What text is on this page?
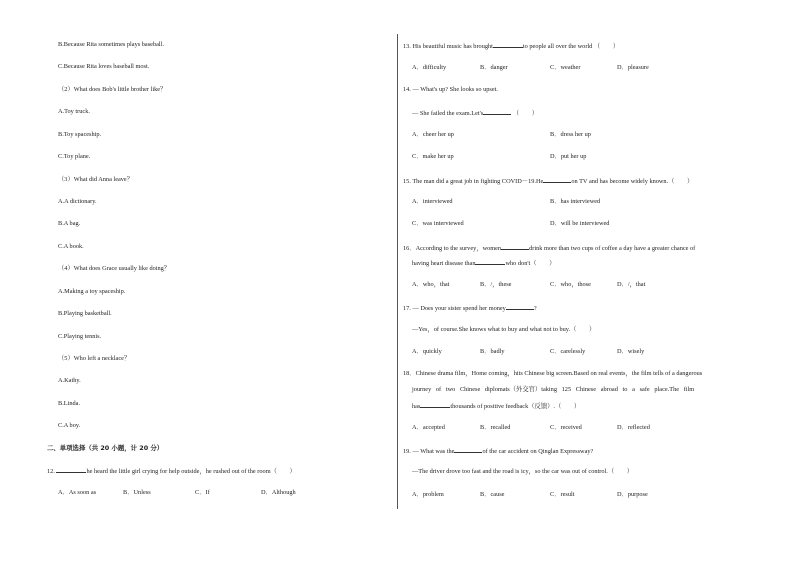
B.Because Rita sometimes plays baseball.
C.Because Rita loves baseball most.
（2）What does Bob's little brother like？
A.Toy truck.
B.Toy spaceship.
C.Toy plane.
（3）What did Anna leave？
A.A dictionary.
B.A bag.
C.A book.
（4）What does Grace usually like doing？
A.Making a toy spaceship.
B.Playing basketball.
C.Playing tennis.
（5）Who left a necklace？
A.Kathy.
B.Linda.
C.A boy.
二、单项选择（共 20 小题，计 20 分）
12.	he heard the little girl crying for help outside，he rushed out of the room（　　）
A．As soon as	B．Unless	C．If	D．Although
13. His beautiful music has brought	to people all over the world （　　）
A．difficulty	B．danger	C．weather	D．pleasure
14. — What's up? She looks so upset.
— She failed the exam.Let's	（　　）
A．cheer her up	B．dress her up
C．make her up	D．put her up
15. The man did a great job in fighting COVID－19.He	on TV and has become widely known.（　　）
A．interviewed	B．has interviewed
C．was interviewed	D．will be interviewed
16．According to the survey，women	drink more than two cups of coffee a day have a greater chance of
having heart disease than	who don't（　　）
A．who，that	B．/，these	C．who，those	D．/，that
17. — Does your sister spend her money	?
—Yes，of course.She knows what to buy and what not to buy.（　　）
A．quickly	B．badly	C．carelessly	D．wisely
18．Chinese drama film，Home coming，hits Chinese big screen.Based on real events，the film tells of a dangerous
journey of two Chinese diplomats（外交官）taking 125 Chinese abroad to a safe place.The film
has	thousands of positive feedback（反馈）.（　　）
A．accepted	B．recalled	C．received	D．reflected
19. — What was the	of the car accident on Qinglan Expressway?
—The driver drove too fast and the road is icy，so the car was out of control.（　　）
A．problem	B．cause	C．result	D．purpose
